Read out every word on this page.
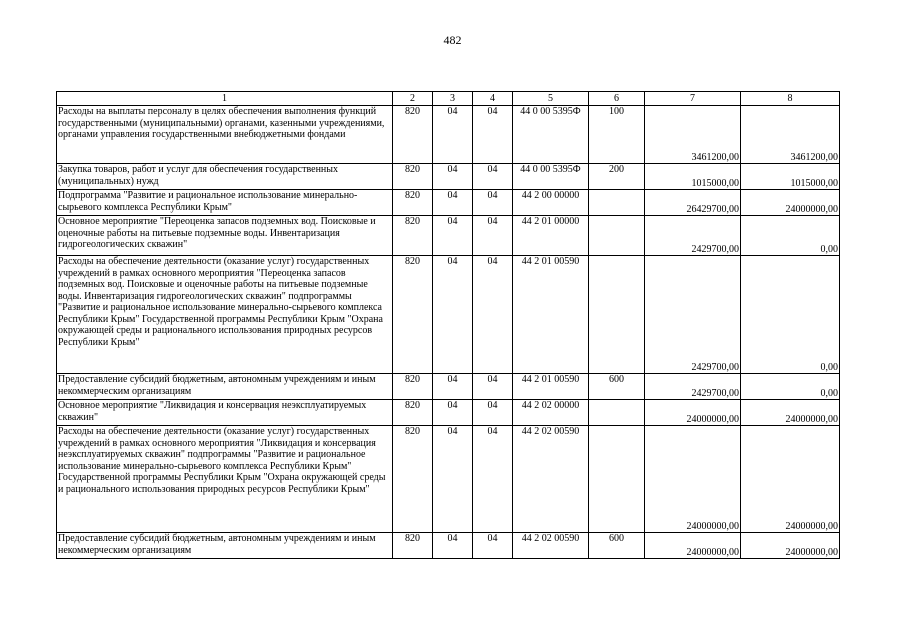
482
1	2	3	4	5	6	7	8
Расходы на выплаты персоналу в целях обеспечения выполнения функций государственными (муниципальными) органами, казенными учреждениями, органами управления государственными внебюджетными фондами	820	04	04	44 0 00 5395Ф	100	3461200,00	3461200,00
Закупка товаров, работ и услуг для обеспечения государственных (муниципальных) нужд	820	04	04	44 0 00 5395Ф	200	1015000,00	1015000,00
Подпрограмма "Развитие и рациональное использование минерально-сырьевого комплекса Республики Крым"	820	04	04	44 2 00 00000		26429700,00	24000000,00
Основное мероприятие "Переоценка запасов подземных вод. Поисковые и оценочные работы на питьевые подземные воды. Инвентаризация гидрогеологических скважин"	820	04	04	44 2 01 00000		2429700,00	0,00
Расходы на обеспечение деятельности (оказание услуг) государственных учреждений в рамках основного мероприятия "Переоценка запасов подземных вод. Поисковые и оценочные работы на питьевые подземные воды. Инвентаризация гидрогеологических скважин" подпрограммы "Развитие и рациональное использование минерально-сырьевого комплекса Республики Крым" Государственной программы Республики Крым "Охрана окружающей среды и рационального использования природных ресурсов Республики Крым"	820	04	04	44 2 01 00590		2429700,00	0,00
Предоставление субсидий бюджетным, автономным учреждениям и иным некоммерческим организациям	820	04	04	44 2 01 00590	600	2429700,00	0,00
Основное мероприятие "Ликвидация и консервация неэксплуатируемых скважин"	820	04	04	44 2 02 00000		24000000,00	24000000,00
Расходы на обеспечение деятельности (оказание услуг) государственных учреждений в рамках основного мероприятия "Ликвидация и консервация неэксплуатируемых скважин" подпрограммы "Развитие и рациональное использование минерально-сырьевого комплекса Республики Крым" Государственной программы Республики Крым "Охрана окружающей среды и рационального использования природных ресурсов Республики Крым"	820	04	04	44 2 02 00590		24000000,00	24000000,00
Предоставление субсидий бюджетным, автономным учреждениям и иным некоммерческим организациям	820	04	04	44 2 02 00590	600	24000000,00	24000000,00
